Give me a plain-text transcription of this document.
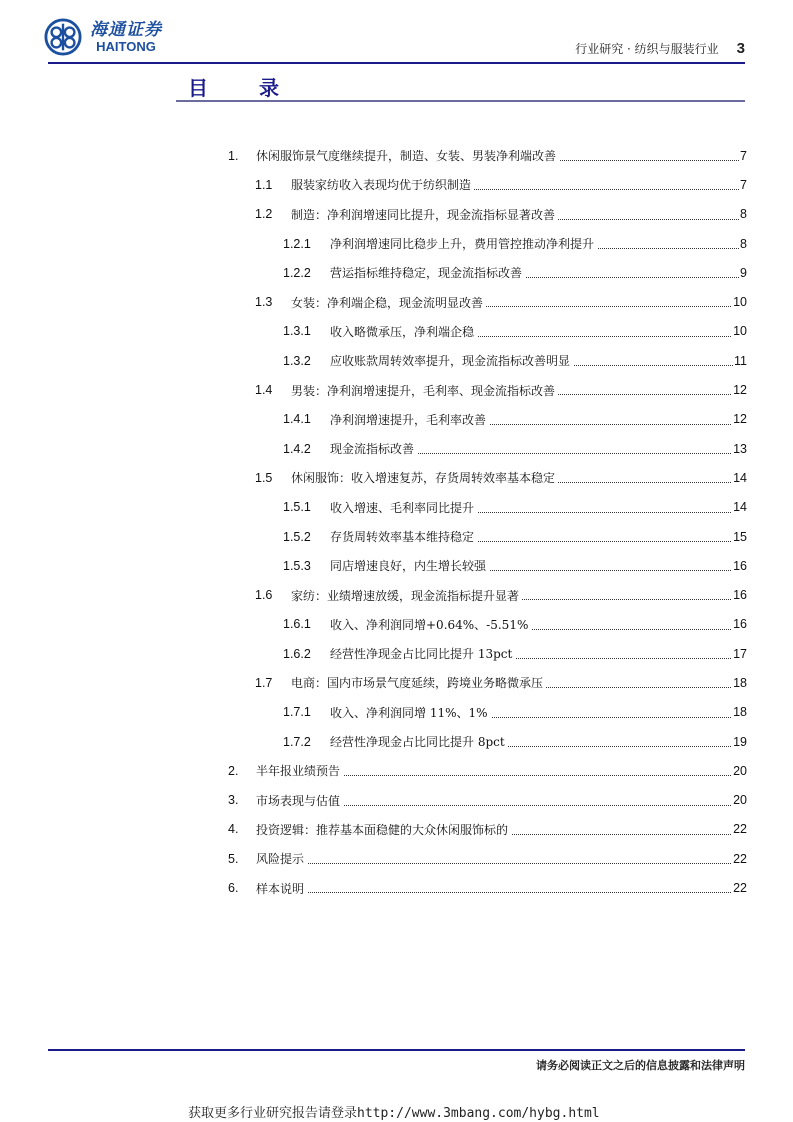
海通证券
HAITONG	行业研究 · 纺织与服装行业 3
目 录
1. 休闲服饰景气度继续提升，制造、女装、男装净利端改善	7
1.1 服装家纺收入表现均优于纺织制造	7
1.2 制造：净利润增速同比提升，现金流指标显著改善	8
1.2.1 净利润增速同比稳步上升，费用管控推动净利提升	8
1.2.2 营运指标维持稳定，现金流指标改善	9
1.3 女装：净利端企稳，现金流明显改善	10
1.3.1 收入略微承压，净利端企稳	10
1.3.2 应收账款周转效率提升，现金流指标改善明显	11
1.4 男装：净利润增速提升，毛利率、现金流指标改善	12
1.4.1 净利润增速提升，毛利率改善	12
1.4.2 现金流指标改善	13
1.5 休闲服饰：收入增速复苏，存货周转效率基本稳定	14
1.5.1 收入增速、毛利率同比提升	14
1.5.2 存货周转效率基本维持稳定	15
1.5.3 同店增速良好，内生增长较强	16
1.6 家纺：业绩增速放缓，现金流指标提升显著	16
1.6.1 收入、净利润同增+0.64%、-5.51%	16
1.6.2 经营性净现金占比同比提升 13pct	17
1.7 电商：国内市场景气度延续，跨境业务略微承压	18
1.7.1 收入、净利润同增 11%、1%	18
1.7.2 经营性净现金占比同比提升 8pct	19
2. 半年报业绩预告	20
3. 市场表现与估值	20
4. 投资逻辑：推荐基本面稳健的大众休闲服饰标的	22
5. 风险提示	22
6. 样本说明	22
请务必阅读正文之后的信息披露和法律声明
获取更多行业研究报告请登录http://www.3mbang.com/hybg.html
